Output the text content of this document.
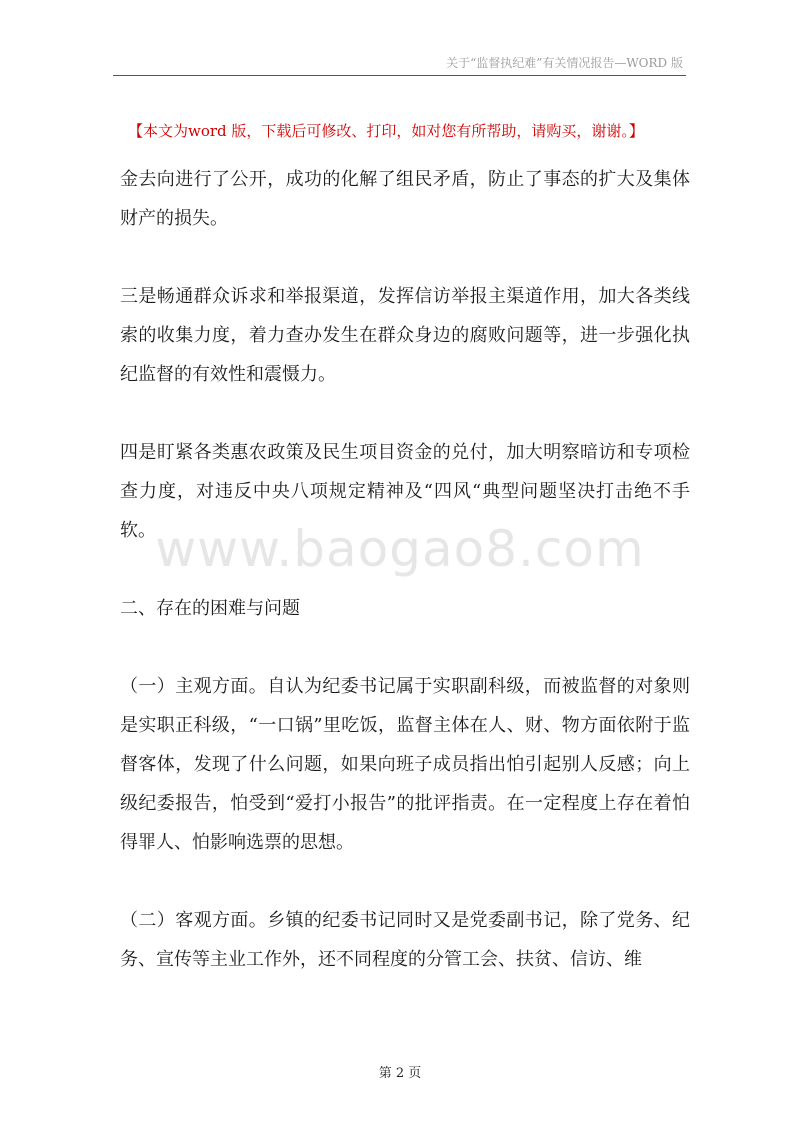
关于“监督执纪难”有关情况报告—WORD 版
【本文为word 版，下载后可修改、打印，如对您有所帮助，请购买，谢谢。】

金去向进行了公开，成功的化解了组民矛盾，防止了事态的扩大及集体财产的损失。

三是畅通群众诉求和举报渠道，发挥信访举报主渠道作用，加大各类线索的收集力度，着力查办发生在群众身边的腐败问题等，进一步强化执纪监督的有效性和震慑力。

四是盯紧各类惠农政策及民生项目资金的兑付，加大明察暗访和专项检查力度，对违反中央八项规定精神及“四风“典型问题坚决打击绝不手软。

二、存在的困难与问题

（一）主观方面。自认为纪委书记属于实职副科级，而被监督的对象则是实职正科级，“一口锅”里吃饭，监督主体在人、财、物方面依附于监督客体，发现了什么问题，如果向班子成员指出怕引起别人反感；向上级纪委报告，怕受到“爱打小报告”的批评指责。在一定程度上存在着怕得罪人、怕影响选票的思想。

（二）客观方面。乡镇的纪委书记同时又是党委副书记，除了党务、纪务、宣传等主业工作外，还不同程度的分管工会、扶贫、信访、维

www.baogao8.com
第 2 页
